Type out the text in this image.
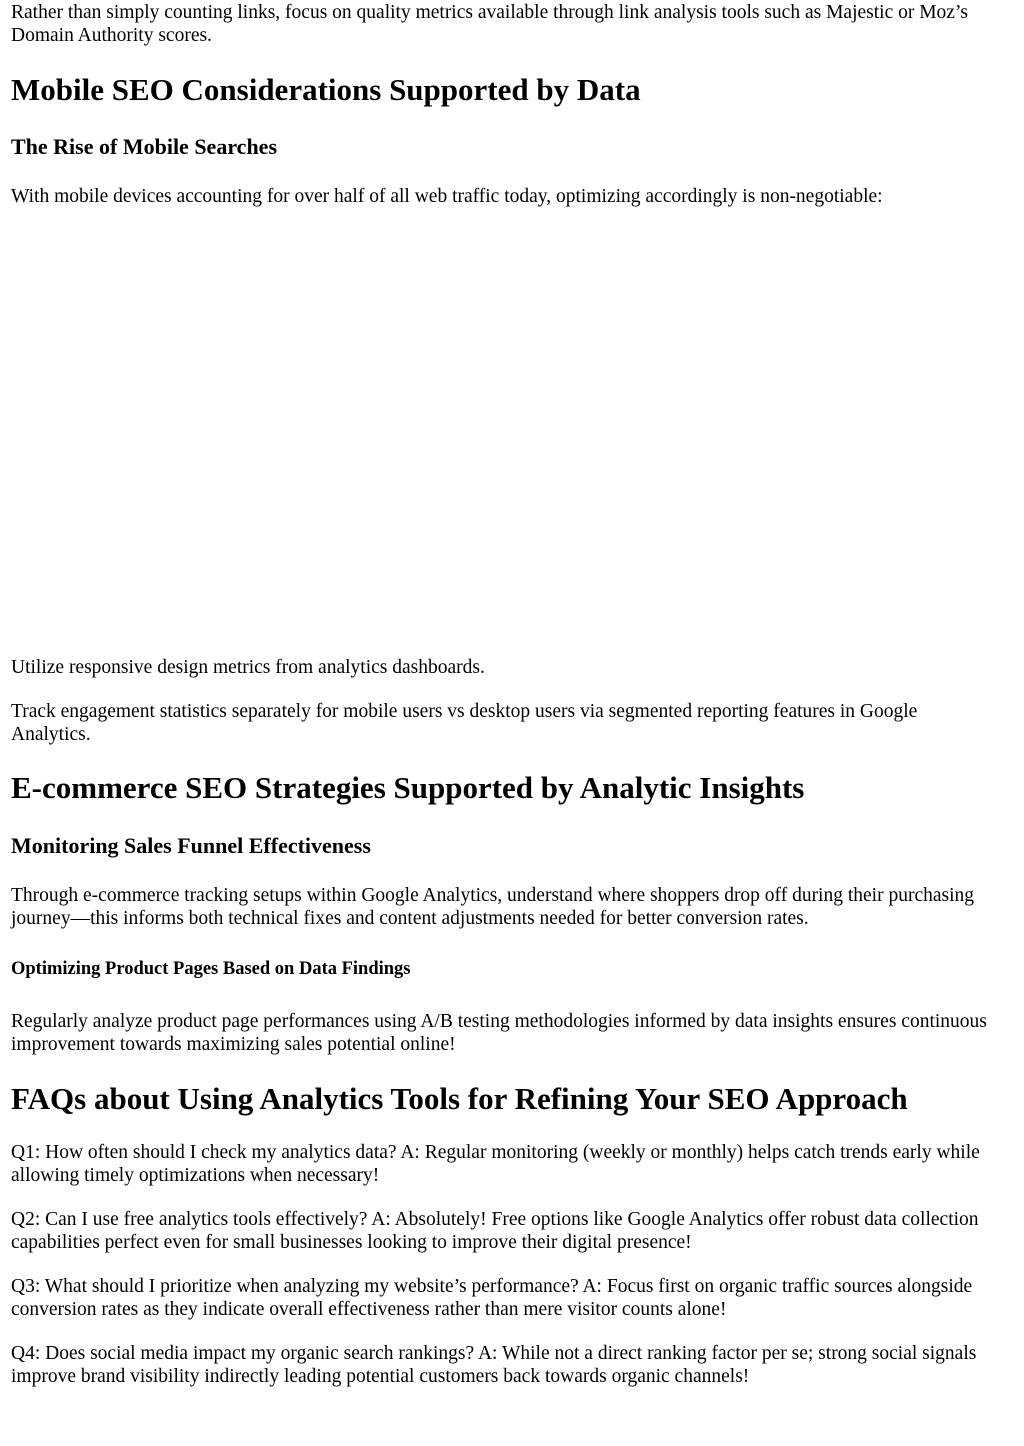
Rather than simply counting links, focus on quality metrics available through link analysis tools such as Majestic or Moz’s Domain Authority scores.

Mobile SEO Considerations Supported by Data
The Rise of Mobile Searches

With mobile devices accounting for over half of all web traffic today, optimizing accordingly is non-negotiable:

Utilize responsive design metrics from analytics dashboards.

Track engagement statistics separately for mobile users vs desktop users via segmented reporting features in Google Analytics.

E-commerce SEO Strategies Supported by Analytic Insights
Monitoring Sales Funnel Effectiveness

Through e-commerce tracking setups within Google Analytics, understand where shoppers drop off during their purchasing journey—this informs both technical fixes and content adjustments needed for better conversion rates.

Optimizing Product Pages Based on Data Findings

Regularly analyze product page performances using A/B testing methodologies informed by data insights ensures continuous improvement towards maximizing sales potential online!

FAQs about Using Analytics Tools for Refining Your SEO Approach

Q1: How often should I check my analytics data? A: Regular monitoring (weekly or monthly) helps catch trends early while allowing timely optimizations when necessary!

Q2: Can I use free analytics tools effectively? A: Absolutely! Free options like Google Analytics offer robust data collection capabilities perfect even for small businesses looking to improve their digital presence!

Q3: What should I prioritize when analyzing my website’s performance? A: Focus first on organic traffic sources alongside conversion rates as they indicate overall effectiveness rather than mere visitor counts alone!

Q4: Does social media impact my organic search rankings? A: While not a direct ranking factor per se; strong social signals improve brand visibility indirectly leading potential customers back towards organic channels!
